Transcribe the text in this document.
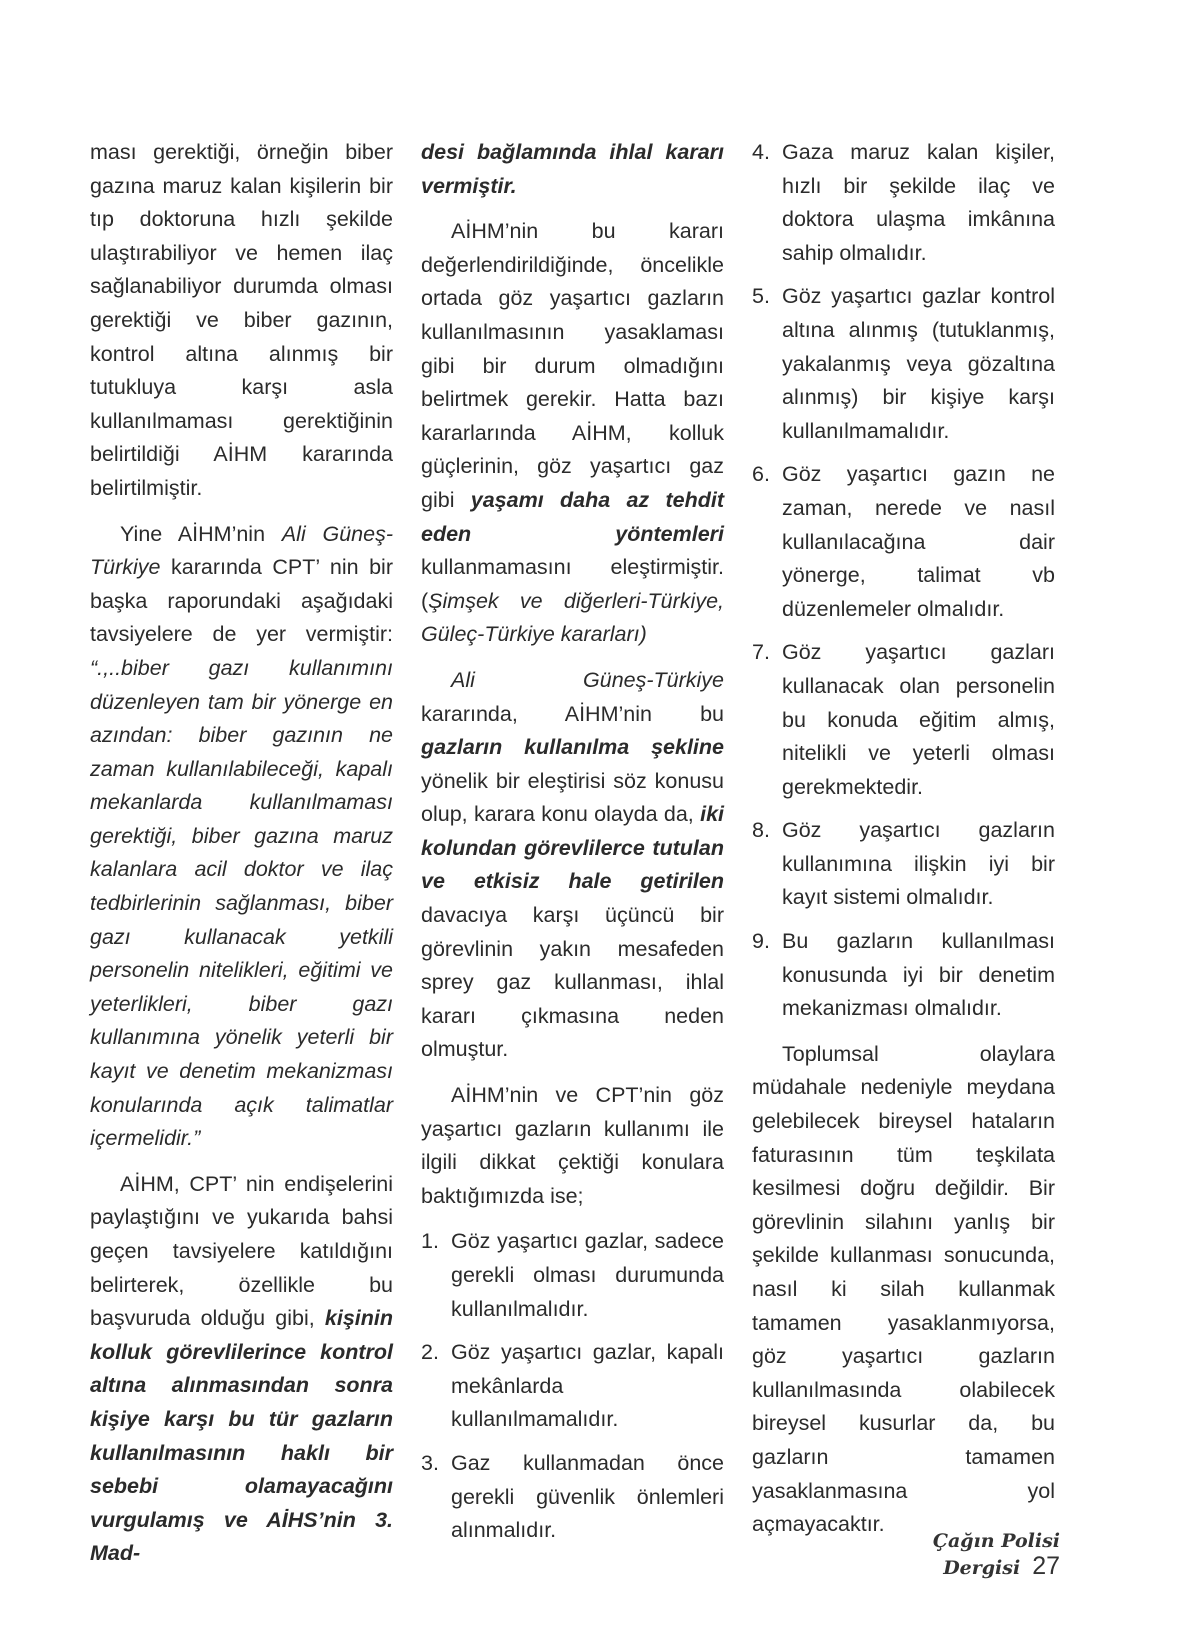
ması gerektiği, örneğin biber gazına maruz kalan kişilerin bir tıp doktoruna hızlı şekilde ulaştırabiliyor ve hemen ilaç sağlanabiliyor durumda olması gerektiği ve biber gazının, kontrol altına alınmış bir tutukluya karşı asla kullanılmaması gerektiğinin belirtildiği AİHM kararında belirtilmiştir.

Yine AİHM’nin Ali Güneş-Türkiye kararında CPT’ nin bir başka raporundaki aşağıdaki tavsiyelere de yer vermiştir: “.,..biber gazı kullanımını düzenleyen tam bir yönerge en azından: biber gazının ne zaman kullanılabileceği, kapalı mekanlarda kullanılmaması gerektiği, biber gazına maruz kalanlara acil doktor ve ilaç tedbirlerinin sağlanması, biber gazı kullanacak yetkili personelin nitelikleri, eğitimi ve yeterlikleri, biber gazı kullanımına yönelik yeterli bir kayıt ve denetim mekanizması konularında açık talimatlar içermelidir.”

AİHM, CPT’ nin endişelerini paylaştığını ve yukarıda bahsi geçen tavsiyelere katıldığını belirterek, özellikle bu başvuruda olduğu gibi, kişinin kolluk görevlilerince kontrol altına alınmasından sonra kişiye karşı bu tür gazların kullanılmasının haklı bir sebebi olamayacağını vurgulamış ve AİHS’nin 3. Mad-

desi bağlamında ihlal kararı vermiştir.

AİHM’nin bu kararı değerlendirildiğinde, öncelikle ortada göz yaşartıcı gazların kullanılmasının yasaklaması gibi bir durum olmadığını belirtmek gerekir. Hatta bazı kararlarında AİHM, kolluk güçlerinin, göz yaşartıcı gaz gibi yaşamı daha az tehdit eden yöntemleri kullanmamasını eleştirmiştir. (Şimşek ve diğerleri-Türkiye, Güleç-Türkiye kararları)

Ali Güneş-Türkiye kararında, AİHM’nin bu gazların kullanılma şekline yönelik bir eleştirisi söz konusu olup, karara konu olayda da, iki kolundan görevlilerce tutulan ve etkisiz hale getirilen davacıya karşı üçüncü bir görevlinin yakın mesafeden sprey gaz kullanması, ihlal kararı çıkmasına neden olmuştur.

AİHM’nin ve CPT’nin göz yaşartıcı gazların kullanımı ile ilgili dikkat çektiği konulara baktığımızda ise;

1. Göz yaşartıcı gazlar, sadece gerekli olması durumunda kullanılmalıdır.
2. Göz yaşartıcı gazlar, kapalı mekânlarda kullanılmamalıdır.
3. Gaz kullanmadan önce gerekli güvenlik önlemleri alınmalıdır.
4. Gaza maruz kalan kişiler, hızlı bir şekilde ilaç ve doktora ulaşma imkânına sahip olmalıdır.
5. Göz yaşartıcı gazlar kontrol altına alınmış (tutuklanmış, yakalanmış veya gözaltına alınmış) bir kişiye karşı kullanılmamalıdır.
6. Göz yaşartıcı gazın ne zaman, nerede ve nasıl kullanılacağına dair yönerge, talimat vb düzenlemeler olmalıdır.
7. Göz yaşartıcı gazları kullanacak olan personelin bu konuda eğitim almış, nitelikli ve yeterli olması gerekmektedir.
8. Göz yaşartıcı gazların kullanımına ilişkin iyi bir kayıt sistemi olmalıdır.
9. Bu gazların kullanılması konusunda iyi bir denetim mekanizması olmalıdır.

Toplumsal olaylara müdahale nedeniyle meydana gelebilecek bireysel hataların faturasının tüm teşkilata kesilmesi doğru değildir. Bir görevlinin silahını yanlış bir şekilde kullanması sonucunda, nasıl ki silah kullanmak tamamen yasaklanmıyorsa, göz yaşartıcı gazların kullanılmasında olabilecek bireysel kusurlar da, bu gazların tamamen yasaklanmasına yol açmayacaktır.

Çağın Polisi Dergisi 27
